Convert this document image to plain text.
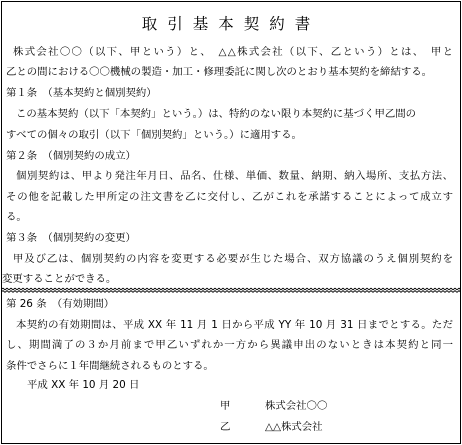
取引基本契約書
株式会社〇〇（以下、甲という）と、　△△株式会社（以下、乙という）とは、　甲と
乙との間における〇〇機械の製造・加工・修理委託に関し次のとおり基本契約を締結する。
第１条　（基本契約と個別契約）
この基本契約（以下「本契約」という。）は、特約のない限り本契約に基づく甲乙間の
すべての個々の取引（以下「個別契約」という。）に適用する。
第２条　（個別契約の成立）
個別契約は、甲より発注年月日、品名、仕様、単価、数量、納期、納入場所、支払方法、
その他を記載した甲所定の注文書を乙に交付し、乙がこれを承諾することによって成立す
る。
第３条　（個別契約の変更）
甲及び乙は、個別契約の内容を変更する必要が生じた場合、双方協議のうえ個別契約を
変更することができる。
第 26 条　（有効期間）
本契約の有効期間は、平成 XX 年 11 月 1 日から平成 YY 年 10 月 31 日までとする。ただ
し、期間満了の３か月前まで甲乙いずれか一方から異議申出のないときは本契約と同一
条件でさらに１年間継続されるものとする。
平成 XX 年 10 月 20 日
甲	株式会社〇〇
乙	△△株式会社
